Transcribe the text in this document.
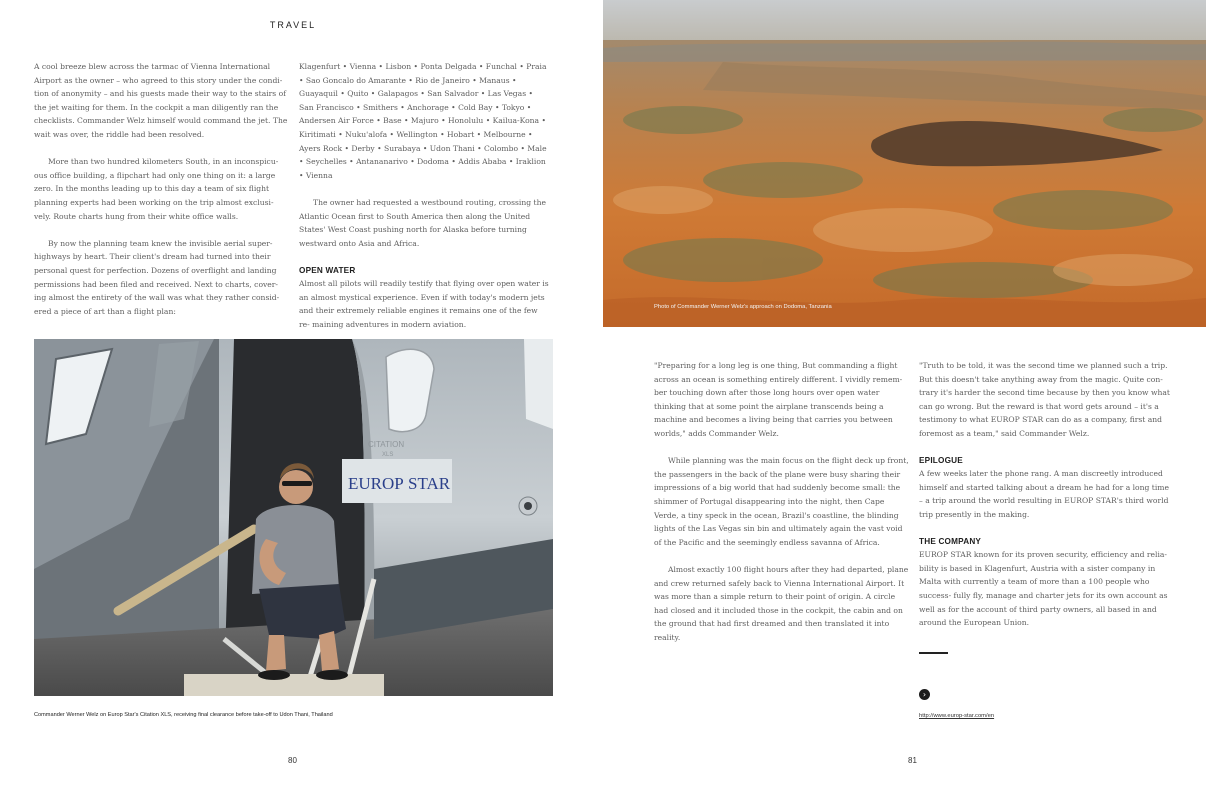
TRAVEL

A cool breeze blew across the tarmac of Vienna International Airport as the owner – who agreed to this story under the condi- tion of anonymity – and his guests made their way to the stairs of the jet waiting for them. In the cockpit a man diligently ran the checklists. Commander Welz himself would command the jet. The wait was over, the riddle had been resolved.

More than two hundred kilometers South, in an inconspicu- ous office building, a flipchart had only one thing on it: a large zero. In the months leading up to this day a team of six flight planning experts had been working on the trip almost exclusi- vely. Route charts hung from their white office walls.

By now the planning team knew the invisible aerial super- highways by heart. Their client's dream had turned into their personal quest for perfection. Dozens of overflight and landing permissions had been filed and received. Next to charts, cover- ing almost the entirety of the wall was what they rather consid- ered a piece of art than a flight plan:

Klagenfurt • Vienna • Lisbon • Ponta Delgada • Funchal • Praia • Sao Goncalo do Amarante • Rio de Janeiro • Manaus • Guayaquil • Quito • Galapagos • San Salvador • Las Vegas • San Francisco • Smithers • Anchorage • Cold Bay • Tokyo • Andersen Air Force • Base • Majuro • Honolulu • Kailua-Kona • Kiritimati • Nuku'alofa • Wellington • Hobart • Melbourne • Ayers Rock • Derby • Surabaya • Udon Thani • Colombo • Male • Seychelles • Antananarivo • Dodoma • Addis Ababa • Iraklion • Vienna

The owner had requested a westbound routing, crossing the Atlantic Ocean first to South America then along the United States' West Coast pushing north for Alaska before turning westward onto Asia and Africa.

OPEN WATER

Almost all pilots will readily testify that flying over open water is an almost mystical experience. Even if with today's modern jets and their extremely reliable engines it remains one of the few re- maining adventures in modern aviation.

EUROP STAR
CITATION
XLS
Commander Werner Welz on Europ Star's Citation XLS, receiving final clearance before take-off to Udon Thani, Thailand
80
Photo of Commander Werner Welz's approach on Dodoma, Tanzania

"Preparing for a long leg is one thing, But commanding a flight across an ocean is something entirely different. I vividly remem- ber touching down after those long hours over open water thinking that at some point the airplane transcends being a machine and becomes a living being that carries you between worlds," adds Commander Welz.

While planning was the main focus on the flight deck up front, the passengers in the back of the plane were busy sharing their impressions of a big world that had suddenly become small: the shimmer of Portugal disappearing into the night, then Cape Verde, a tiny speck in the ocean, Brazil's coastline, the blinding lights of the Las Vegas sin bin and ultimately again the vast void of the Pacific and the seemingly endless savanna of Africa.

Almost exactly 100 flight hours after they had departed, plane and crew returned safely back to Vienna International Airport. It was more than a simple return to their point of origin. A circle had closed and it included those in the cockpit, the cabin and on the ground that had first dreamed and then translated it into reality.

"Truth to be told, it was the second time we planned such a trip. But this doesn't take anything away from the magic. Quite con- trary it's harder the second time because by then you know what can go wrong. But the reward is that word gets around – it's a testimony to what EUROP STAR can do as a company, first and foremost as a team," said Commander Welz.

EPILOGUE

A few weeks later the phone rang. A man discreetly introduced himself and started talking about a dream he had for a long time – a trip around the world resulting in EUROP STAR's third world trip presently in the making.

THE COMPANY

EUROP STAR known for its proven security, efficiency and relia- bility is based in Klagenfurt, Austria with a sister company in Malta with currently a team of more than a 100 people who success- fully fly, manage and charter jets for its own account as well as for the account of third party owners, all based in and around the European Union.

›
http://www.europ-star.com/en
81
